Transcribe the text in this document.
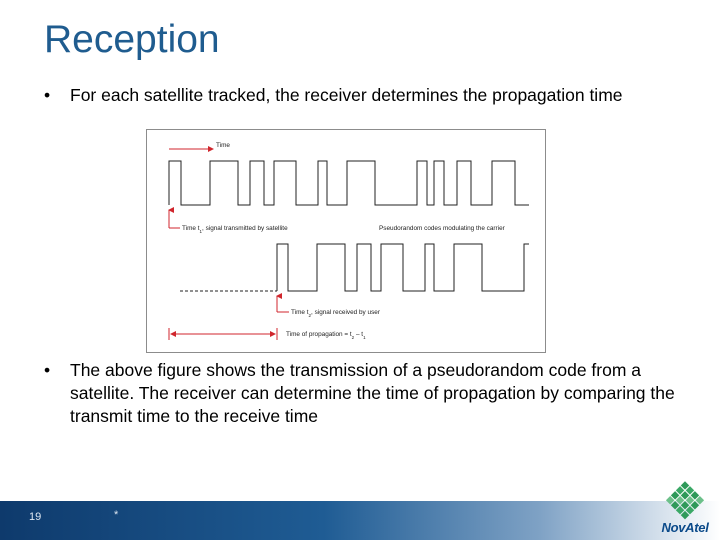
Reception
• For each satellite tracked, the receiver determines the propagation time
Time
Time $t_1$, signal transmitted by satellite	Pseudorandom codes modulating the carrier
Time $t_2$, signal received by user
Time of propagation = $t_2 - t_1$
• The above figure shows the transmission of a pseudorandom code from a satellite. The receiver can determine the time of propagation by comparing the transmit time to the receive time
19	*
NovAtel
